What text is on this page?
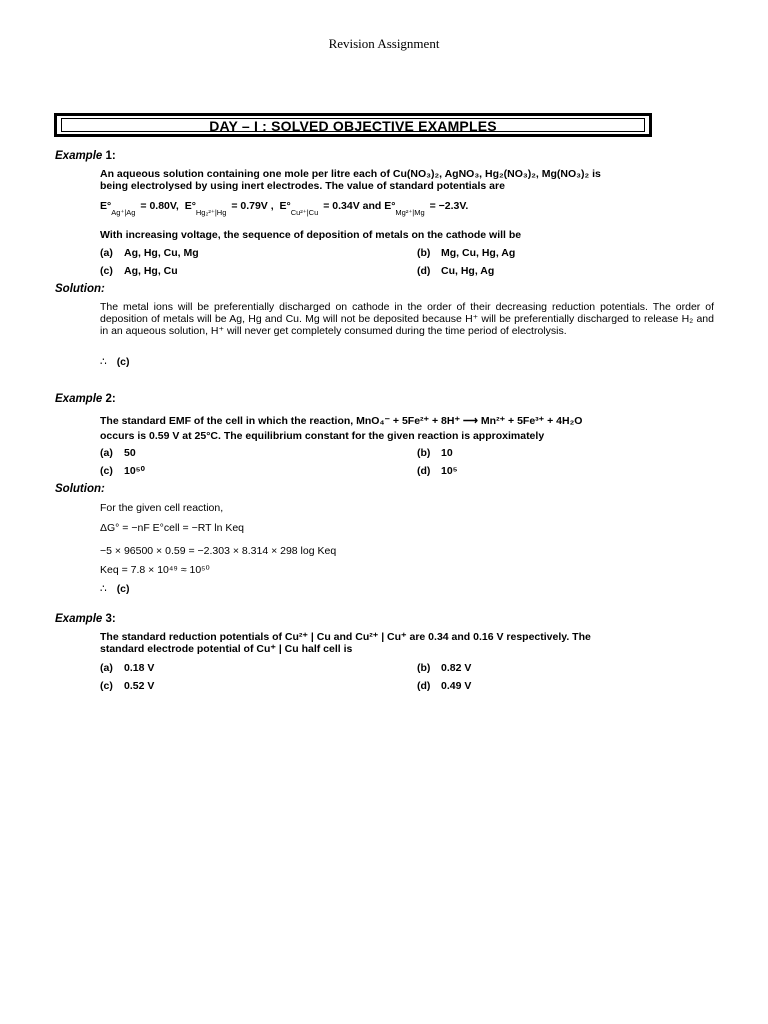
Revision Assignment
DAY – I : SOLVED OBJECTIVE EXAMPLES
Example 1:
An aqueous solution containing one mole per litre each of Cu(NO₃)₂, AgNO₃, Hg₂(NO₃)₂, Mg(NO₃)₂ is
being electrolysed by using inert electrodes. The value of standard potentials are
$E^\circ_{Ag^+|Ag} = 0.80V$, $E^\circ_{Hg_2^{2+}|Hg} = 0.79V$ , $E^\circ_{Cu^{2+}|Cu} = 0.34V$ and $E^\circ_{Mg^{2+}|Mg} = -2.3V$.
With increasing voltage, the sequence of deposition of metals on the cathode will be
(a) Ag, Hg, Cu, Mg	(b) Mg, Cu, Hg, Ag
(c) Ag, Hg, Cu	(d) Cu, Hg, Ag
Solution:
The metal ions will be preferentially discharged on cathode in the order of their decreasing reduction potentials. The order of deposition of metals will be Ag, Hg and Cu. Mg will not be deposited because H⁺ will be preferentially discharged to release H₂ and in an aqueous solution, H⁺ will never get completely consumed during the time period of electrolysis.
∴ (c)
Example 2:
The standard EMF of the cell in which the reaction, MnO₄⁻ + 5Fe²⁺ + 8H⁺ ⟶ Mn²⁺ + 5Fe³⁺ + 4H₂O
occurs is 0.59 V at 25°C. The equilibrium constant for the given reaction is approximately
(a) 50	(b) 10
(c) 10⁵⁰	(d) 10⁵
Solution:
For the given cell reaction,
ΔG° = −nF E°cell = −RT ln Keq
−5 × 96500 × 0.59 = −2.303 × 8.314 × 298 log Keq
Keq = 7.8 × 10⁴⁹ ≈ 10⁵⁰
∴ (c)
Example 3:
The standard reduction potentials of Cu²⁺ | Cu and Cu²⁺ | Cu⁺ are 0.34 and 0.16 V respectively. The
standard electrode potential of Cu⁺ | Cu half cell is
(a) 0.18 V	(b) 0.82 V
(c) 0.52 V	(d) 0.49 V
